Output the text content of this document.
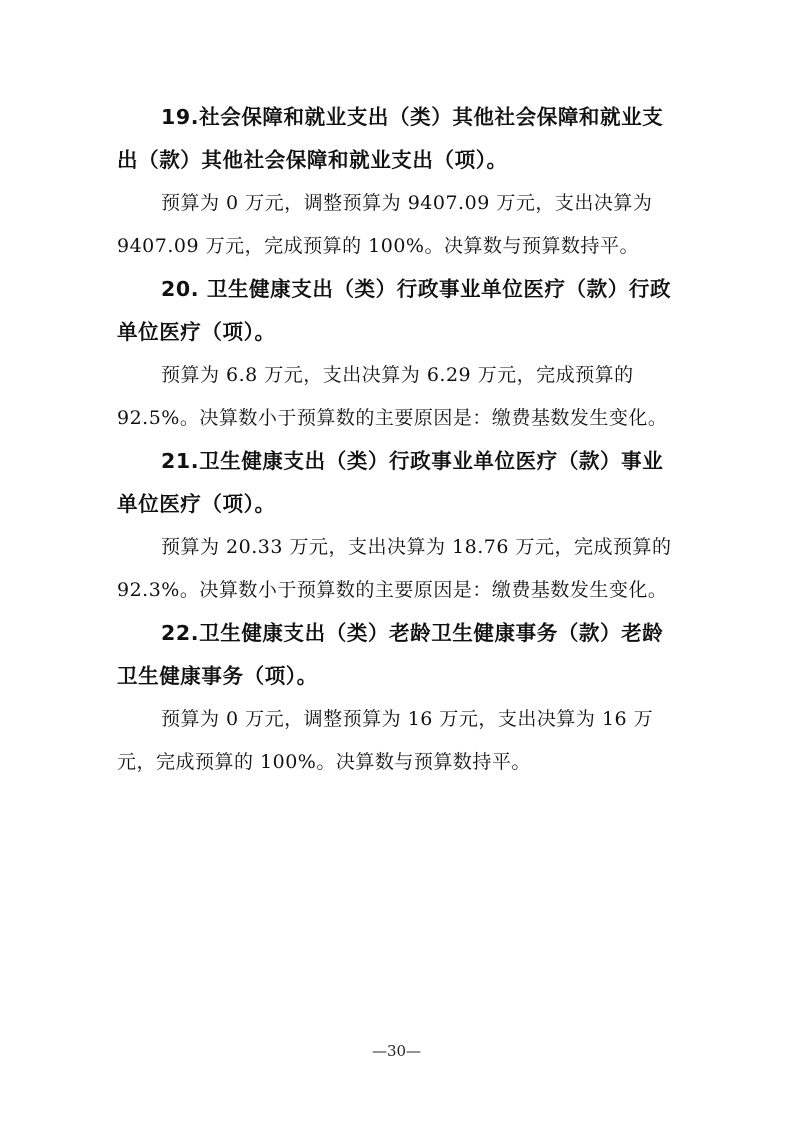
19.社会保障和就业支出（类）其他社会保障和就业支出（款）其他社会保障和就业支出（项）。

预算为 0 万元，调整预算为 9407.09 万元，支出决算为 9407.09 万元，完成预算的 100%。决算数与预算数持平。

20. 卫生健康支出（类）行政事业单位医疗（款）行政单位医疗（项）。

预算为 6.8 万元，支出决算为 6.29 万元，完成预算的 92.5%。决算数小于预算数的主要原因是：缴费基数发生变化。

21.卫生健康支出（类）行政事业单位医疗（款）事业单位医疗（项）。

预算为 20.33 万元，支出决算为 18.76 万元，完成预算的 92.3%。决算数小于预算数的主要原因是：缴费基数发生变化。

22.卫生健康支出（类）老龄卫生健康事务（款）老龄卫生健康事务（项）。

预算为 0 万元，调整预算为 16 万元，支出决算为 16 万元，完成预算的 100%。决算数与预算数持平。

—30—
